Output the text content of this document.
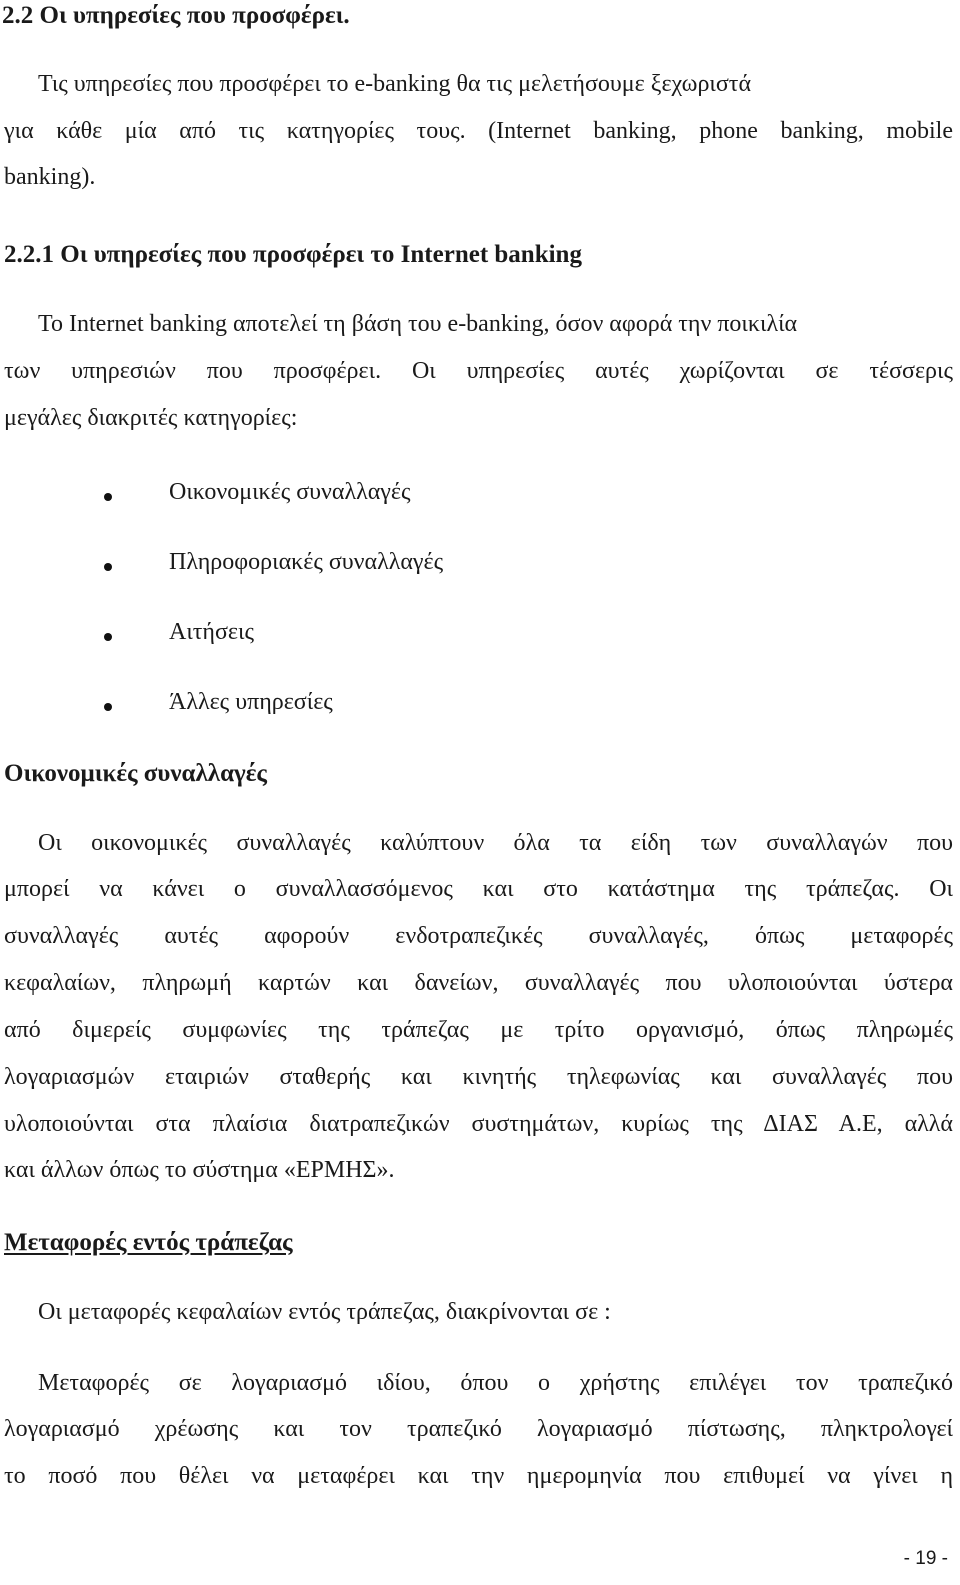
2.2 Οι υπηρεσίες που προσφέρει.

Τις υπηρεσίες που προσφέρει το e-banking θα τις μελετήσουμε ξεχωριστά

για κάθε μία από τις κατηγορίες τους. (Internet banking, phone banking, mobile

banking).

2.2.1 Οι υπηρεσίες που προσφέρει το Internet banking

Το Internet banking αποτελεί τη βάση του e-banking, όσον αφορά την ποικιλία

των υπηρεσιών που προσφέρει. Οι υπηρεσίες αυτές χωρίζονται σε τέσσερις

μεγάλες διακριτές κατηγορίες:

Οικονομικές συναλλαγές
Πληροφοριακές συναλλαγές
Αιτήσεις
Άλλες υπηρεσίες
Οικονομικές συναλλαγές

Οι οικονομικές συναλλαγές καλύπτουν όλα τα είδη των συναλλαγών που

μπορεί να κάνει ο συναλλασσόμενος και στο κατάστημα της τράπεζας. Οι

συναλλαγές αυτές αφορούν ενδοτραπεζικές συναλλαγές, όπως μεταφορές

κεφαλαίων, πληρωμή καρτών και δανείων, συναλλαγές που υλοποιούνται ύστερα

από διμερείς συμφωνίες της τράπεζας με τρίτο οργανισμό, όπως πληρωμές

λογαριασμών εταιριών σταθερής και κινητής τηλεφωνίας και συναλλαγές που

υλοποιούνται στα πλαίσια διατραπεζικών συστημάτων, κυρίως της ΔΙΑΣ Α.Ε, αλλά

και άλλων όπως το σύστημα «ΕΡΜΗΣ».

Μεταφορές εντός τράπεζας

Οι μεταφορές κεφαλαίων εντός τράπεζας, διακρίνονται σε :

Μεταφορές σε λογαριασμό ιδίου, όπου ο χρήστης επιλέγει τον τραπεζικό

λογαριασμό χρέωσης και τον τραπεζικό λογαριασμό πίστωσης, πληκτρολογεί

το ποσό που θέλει να μεταφέρει και την ημερομηνία που επιθυμεί να γίνει η

- 19 -
